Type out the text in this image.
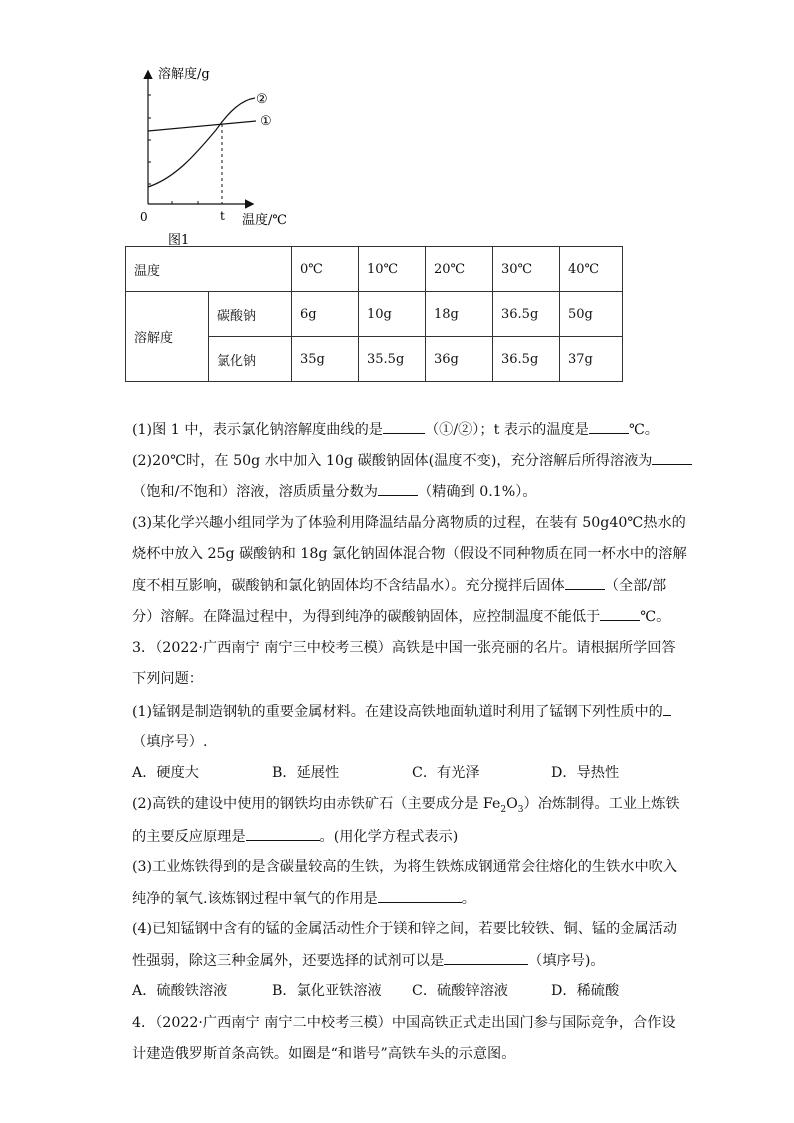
溶解度/g
温度/℃
0	t
①
②
图1
温度		0℃	10℃	20℃	30℃	40℃
溶解度	碳酸钠	6g	10g	18g	36.5g	50g
	氯化钠	35g	35.5g	36g	36.5g	37g
(1)图 1 中，表示氯化钠溶解度曲线的是	（①/②）；t 表示的温度是	℃。
(2)20℃时，在 50g 水中加入 10g 碳酸钠固体(温度不变)，充分溶解后所得溶液为
（饱和/不饱和）溶液，溶质质量分数为	（精确到 0.1%）。
(3)某化学兴趣小组同学为了体验利用降温结晶分离物质的过程，在装有 50g40℃热水的
烧杯中放入 25g 碳酸钠和 18g 氯化钠固体混合物（假设不同种物质在同一杯水中的溶解
度不相互影响，碳酸钠和氯化钠固体均不含结晶水）。充分搅拌后固体	（全部/部
分）溶解。在降温过程中，为得到纯净的碳酸钠固体，应控制温度不能低于	℃。
3．（2022·广西南宁 南宁三中校考三模）高铁是中国一张亮丽的名片。请根据所学回答
下列问题：
(1)锰钢是制造钢轨的重要金属材料。在建设高铁地面轨道时利用了锰钢下列性质中的
（填序号）.
A．硬度大	B．延展性	C．有光泽	D．导热性
(2)高铁的建设中使用的钢铁均由赤铁矿石（主要成分是 $Fe_2O_3$）冶炼制得。工业上炼铁
的主要反应原理是	。(用化学方程式表示)
(3)工业炼铁得到的是含碳量较高的生铁，为将生铁炼成钢通常会往熔化的生铁水中吹入
纯净的氧气.该炼钢过程中氧气的作用是	。
(4)已知锰钢中含有的锰的金属活动性介于镁和锌之间，若要比较铁、铜、锰的金属活动
性强弱，除这三种金属外，还要选择的试剂可以是	（填序号)。
A．硫酸铁溶液	B．氯化亚铁溶液 C．硫酸锌溶液	D．稀硫酸
4．（2022·广西南宁 南宁二中校考三模）中国高铁正式走出国门参与国际竞争，合作设
计建造俄罗斯首条高铁。如圈是“和谐号”高铁车头的示意图。
